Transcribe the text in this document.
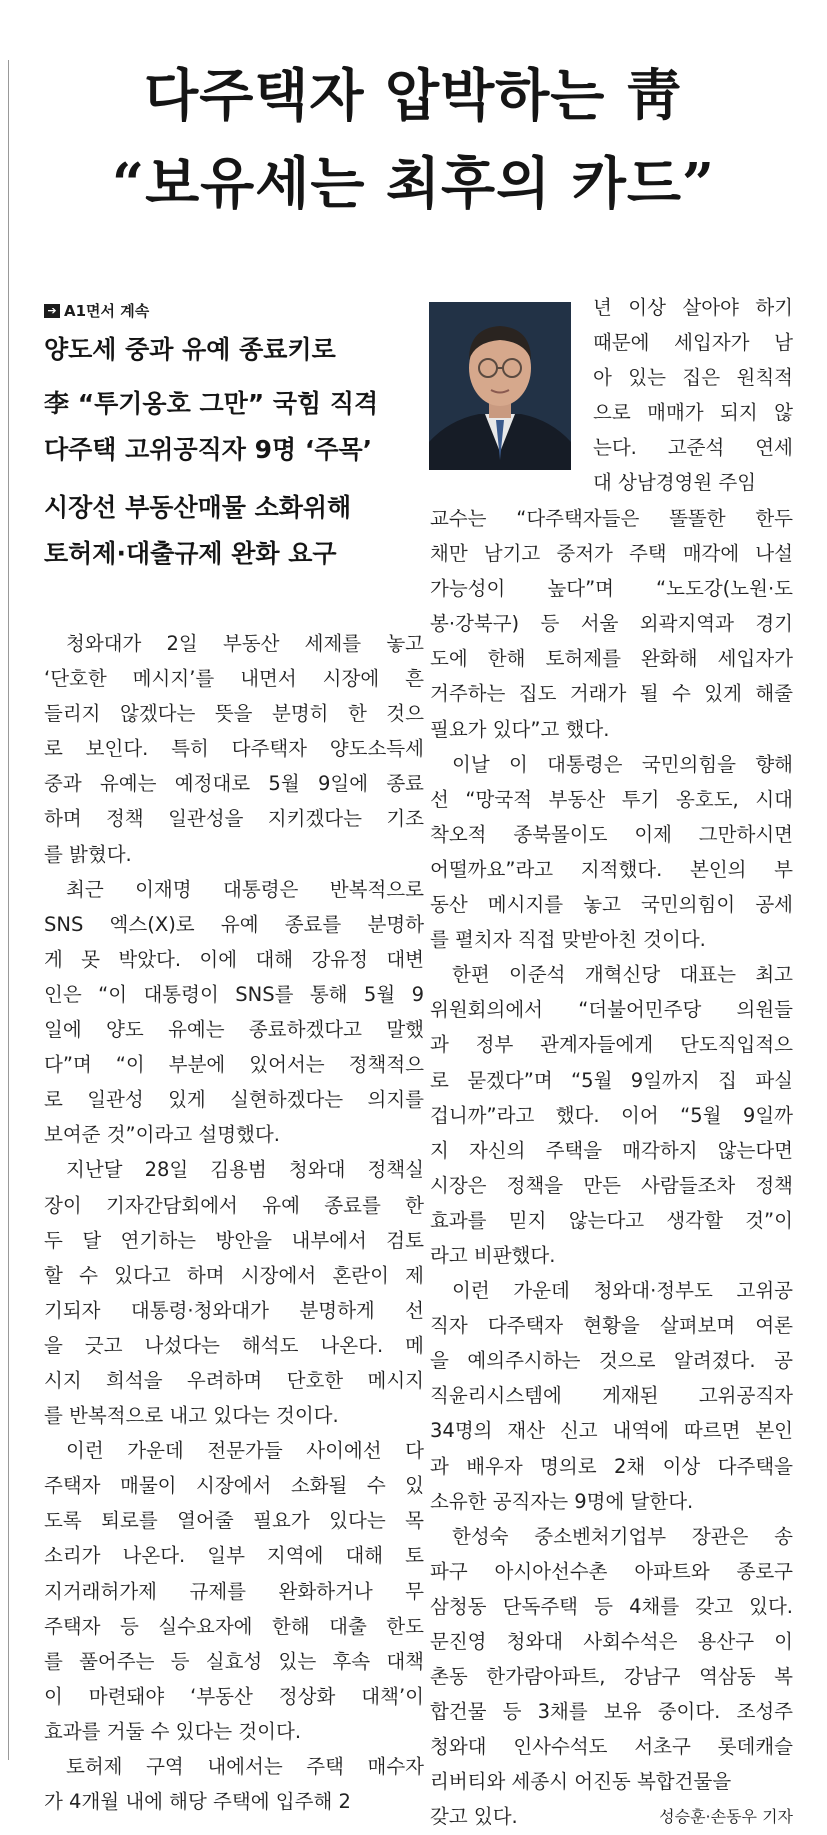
다주택자 압박하는 靑
“보유세는 최후의 카드”
➔ A1면서 계속
양도세 중과 유예 종료키로
李 “투기옹호 그만” 국힘 직격
다주택 고위공직자 9명 ‘주목’
시장선 부동산매물 소화위해
토허제·대출규제 완화 요구
청와대가 2일 부동산 세제를 놓고
‘단호한 메시지’를 내면서 시장에 흔
들리지 않겠다는 뜻을 분명히 한 것으
로 보인다. 특히 다주택자 양도소득세
중과 유예는 예정대로 5월 9일에 종료
하며 정책 일관성을 지키겠다는 기조
를 밝혔다.
최근 이재명 대통령은 반복적으로
SNS 엑스(X)로 유예 종료를 분명하
게 못 박았다. 이에 대해 강유정 대변
인은 “이 대통령이 SNS를 통해 5월 9
일에 양도 유예는 종료하겠다고 말했
다”며 “이 부분에 있어서는 정책적으
로 일관성 있게 실현하겠다는 의지를
보여준 것”이라고 설명했다.
지난달 28일 김용범 청와대 정책실
장이 기자간담회에서 유예 종료를 한
두 달 연기하는 방안을 내부에서 검토
할 수 있다고 하며 시장에서 혼란이 제
기되자 대통령·청와대가 분명하게 선
을 긋고 나섰다는 해석도 나온다. 메
시지 희석을 우려하며 단호한 메시지
를 반복적으로 내고 있다는 것이다.
이런 가운데 전문가들 사이에선 다
주택자 매물이 시장에서 소화될 수 있
도록 퇴로를 열어줄 필요가 있다는 목
소리가 나온다. 일부 지역에 대해 토
지거래허가제 규제를 완화하거나 무
주택자 등 실수요자에 한해 대출 한도
를 풀어주는 등 실효성 있는 후속 대책
이 마련돼야 ‘부동산 정상화 대책’이
효과를 거둘 수 있다는 것이다.
토허제 구역 내에서는 주택 매수자
가 4개월 내에 해당 주택에 입주해 2
년 이상 살아야 하기
때문에 세입자가 남
아 있는 집은 원칙적
으로 매매가 되지 않
는다. 고준석 연세
대 상남경영원 주임
교수는 “다주택자들은 똘똘한 한두
채만 남기고 중저가 주택 매각에 나설
가능성이 높다”며 “노도강(노원·도
봉·강북구) 등 서울 외곽지역과 경기
도에 한해 토허제를 완화해 세입자가
거주하는 집도 거래가 될 수 있게 해줄
필요가 있다”고 했다.
이날 이 대통령은 국민의힘을 향해
선 “망국적 부동산 투기 옹호도, 시대
착오적 종북몰이도 이제 그만하시면
어떨까요”라고 지적했다. 본인의 부
동산 메시지를 놓고 국민의힘이 공세
를 펼치자 직접 맞받아친 것이다.
한편 이준석 개혁신당 대표는 최고
위원회의에서 “더불어민주당 의원들
과 정부 관계자들에게 단도직입적으
로 묻겠다”며 “5월 9일까지 집 파실
겁니까”라고 했다. 이어 “5월 9일까
지 자신의 주택을 매각하지 않는다면
시장은 정책을 만든 사람들조차 정책
효과를 믿지 않는다고 생각할 것”이
라고 비판했다.
이런 가운데 청와대·정부도 고위공
직자 다주택자 현황을 살펴보며 여론
을 예의주시하는 것으로 알려졌다. 공
직윤리시스템에 게재된 고위공직자
34명의 재산 신고 내역에 따르면 본인
과 배우자 명의로 2채 이상 다주택을
소유한 공직자는 9명에 달한다.
한성숙 중소벤처기업부 장관은 송
파구 아시아선수촌 아파트와 종로구
삼청동 단독주택 등 4채를 갖고 있다.
문진영 청와대 사회수석은 용산구 이
촌동 한가람아파트, 강남구 역삼동 복
합건물 등 3채를 보유 중이다. 조성주
청와대 인사수석도 서초구 롯데캐슬
리버티와 세종시 어진동 복합건물을
갖고 있다.	성승훈·손동우 기자
